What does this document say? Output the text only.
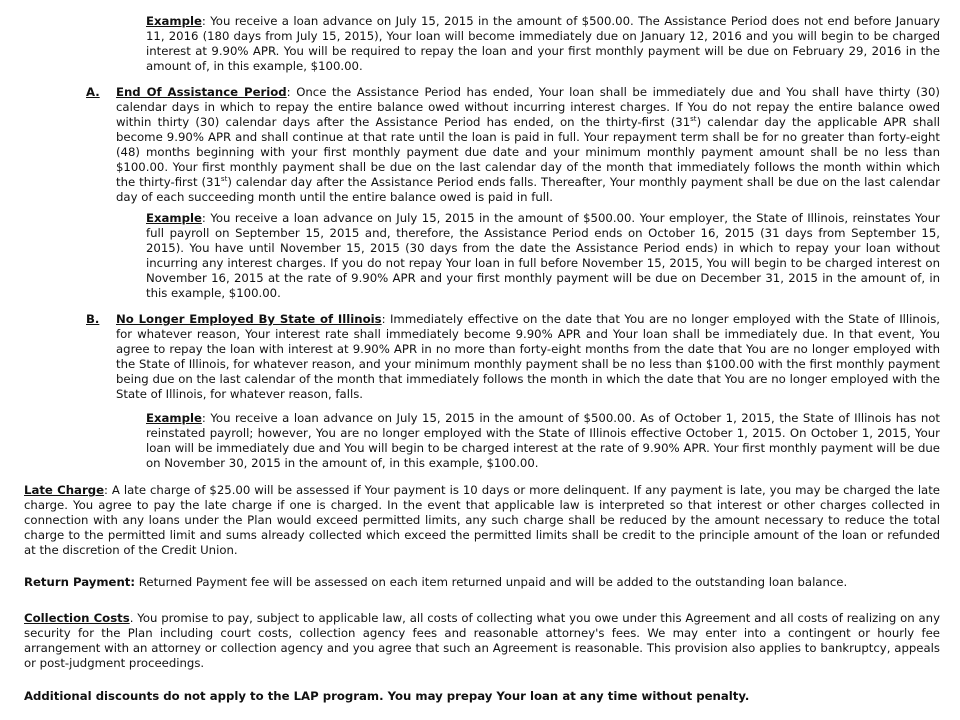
Example: You receive a loan advance on July 15, 2015 in the amount of $500.00. The Assistance Period does not end before January 11, 2016 (180 days from July 15, 2015), Your loan will become immediately due on January 12, 2016 and you will begin to be charged interest at 9.90% APR. You will be required to repay the loan and your first monthly payment will be due on February 29, 2016 in the amount of, in this example, $100.00.

A. End Of Assistance Period: Once the Assistance Period has ended, Your loan shall be immediately due and You shall have thirty (30) calendar days in which to repay the entire balance owed without incurring interest charges. If You do not repay the entire balance owed within thirty (30) calendar days after the Assistance Period has ended, on the thirty-first (31st) calendar day the applicable APR shall become 9.90% APR and shall continue at that rate until the loan is paid in full. Your repayment term shall be for no greater than forty-eight (48) months beginning with your first monthly payment due date and your minimum monthly payment amount shall be no less than $100.00. Your first monthly payment shall be due on the last calendar day of the month that immediately follows the month within which the thirty-first (31st) calendar day after the Assistance Period ends falls. Thereafter, Your monthly payment shall be due on the last calendar day of each succeeding month until the entire balance owed is paid in full.

Example: You receive a loan advance on July 15, 2015 in the amount of $500.00. Your employer, the State of Illinois, reinstates Your full payroll on September 15, 2015 and, therefore, the Assistance Period ends on October 16, 2015 (31 days from September 15, 2015). You have until November 15, 2015 (30 days from the date the Assistance Period ends) in which to repay your loan without incurring any interest charges. If you do not repay Your loan in full before November 15, 2015, You will begin to be charged interest on November 16, 2015 at the rate of 9.90% APR and your first monthly payment will be due on December 31, 2015 in the amount of, in this example, $100.00.

B. No Longer Employed By State of Illinois: Immediately effective on the date that You are no longer employed with the State of Illinois, for whatever reason, Your interest rate shall immediately become 9.90% APR and Your loan shall be immediately due. In that event, You agree to repay the loan with interest at 9.90% APR in no more than forty-eight months from the date that You are no longer employed with the State of Illinois, for whatever reason, and your minimum monthly payment shall be no less than $100.00 with the first monthly payment being due on the last calendar of the month that immediately follows the month in which the date that You are no longer employed with the State of Illinois, for whatever reason, falls.

Example: You receive a loan advance on July 15, 2015 in the amount of $500.00. As of October 1, 2015, the State of Illinois has not reinstated payroll; however, You are no longer employed with the State of Illinois effective October 1, 2015. On October 1, 2015, Your loan will be immediately due and You will begin to be charged interest at the rate of 9.90% APR. Your first monthly payment will be due on November 30, 2015 in the amount of, in this example, $100.00.

Late Charge: A late charge of $25.00 will be assessed if Your payment is 10 days or more delinquent. If any payment is late, you may be charged the late charge. You agree to pay the late charge if one is charged. In the event that applicable law is interpreted so that interest or other charges collected in connection with any loans under the Plan would exceed permitted limits, any such charge shall be reduced by the amount necessary to reduce the total charge to the permitted limit and sums already collected which exceed the permitted limits shall be credit to the principle amount of the loan or refunded at the discretion of the Credit Union.

Return Payment: Returned Payment fee will be assessed on each item returned unpaid and will be added to the outstanding loan balance.

Collection Costs. You promise to pay, subject to applicable law, all costs of collecting what you owe under this Agreement and all costs of realizing on any security for the Plan including court costs, collection agency fees and reasonable attorney's fees. We may enter into a contingent or hourly fee arrangement with an attorney or collection agency and you agree that such an Agreement is reasonable. This provision also applies to bankruptcy, appeals or post-judgment proceedings.

Additional discounts do not apply to the LAP program. You may prepay Your loan at any time without penalty.
